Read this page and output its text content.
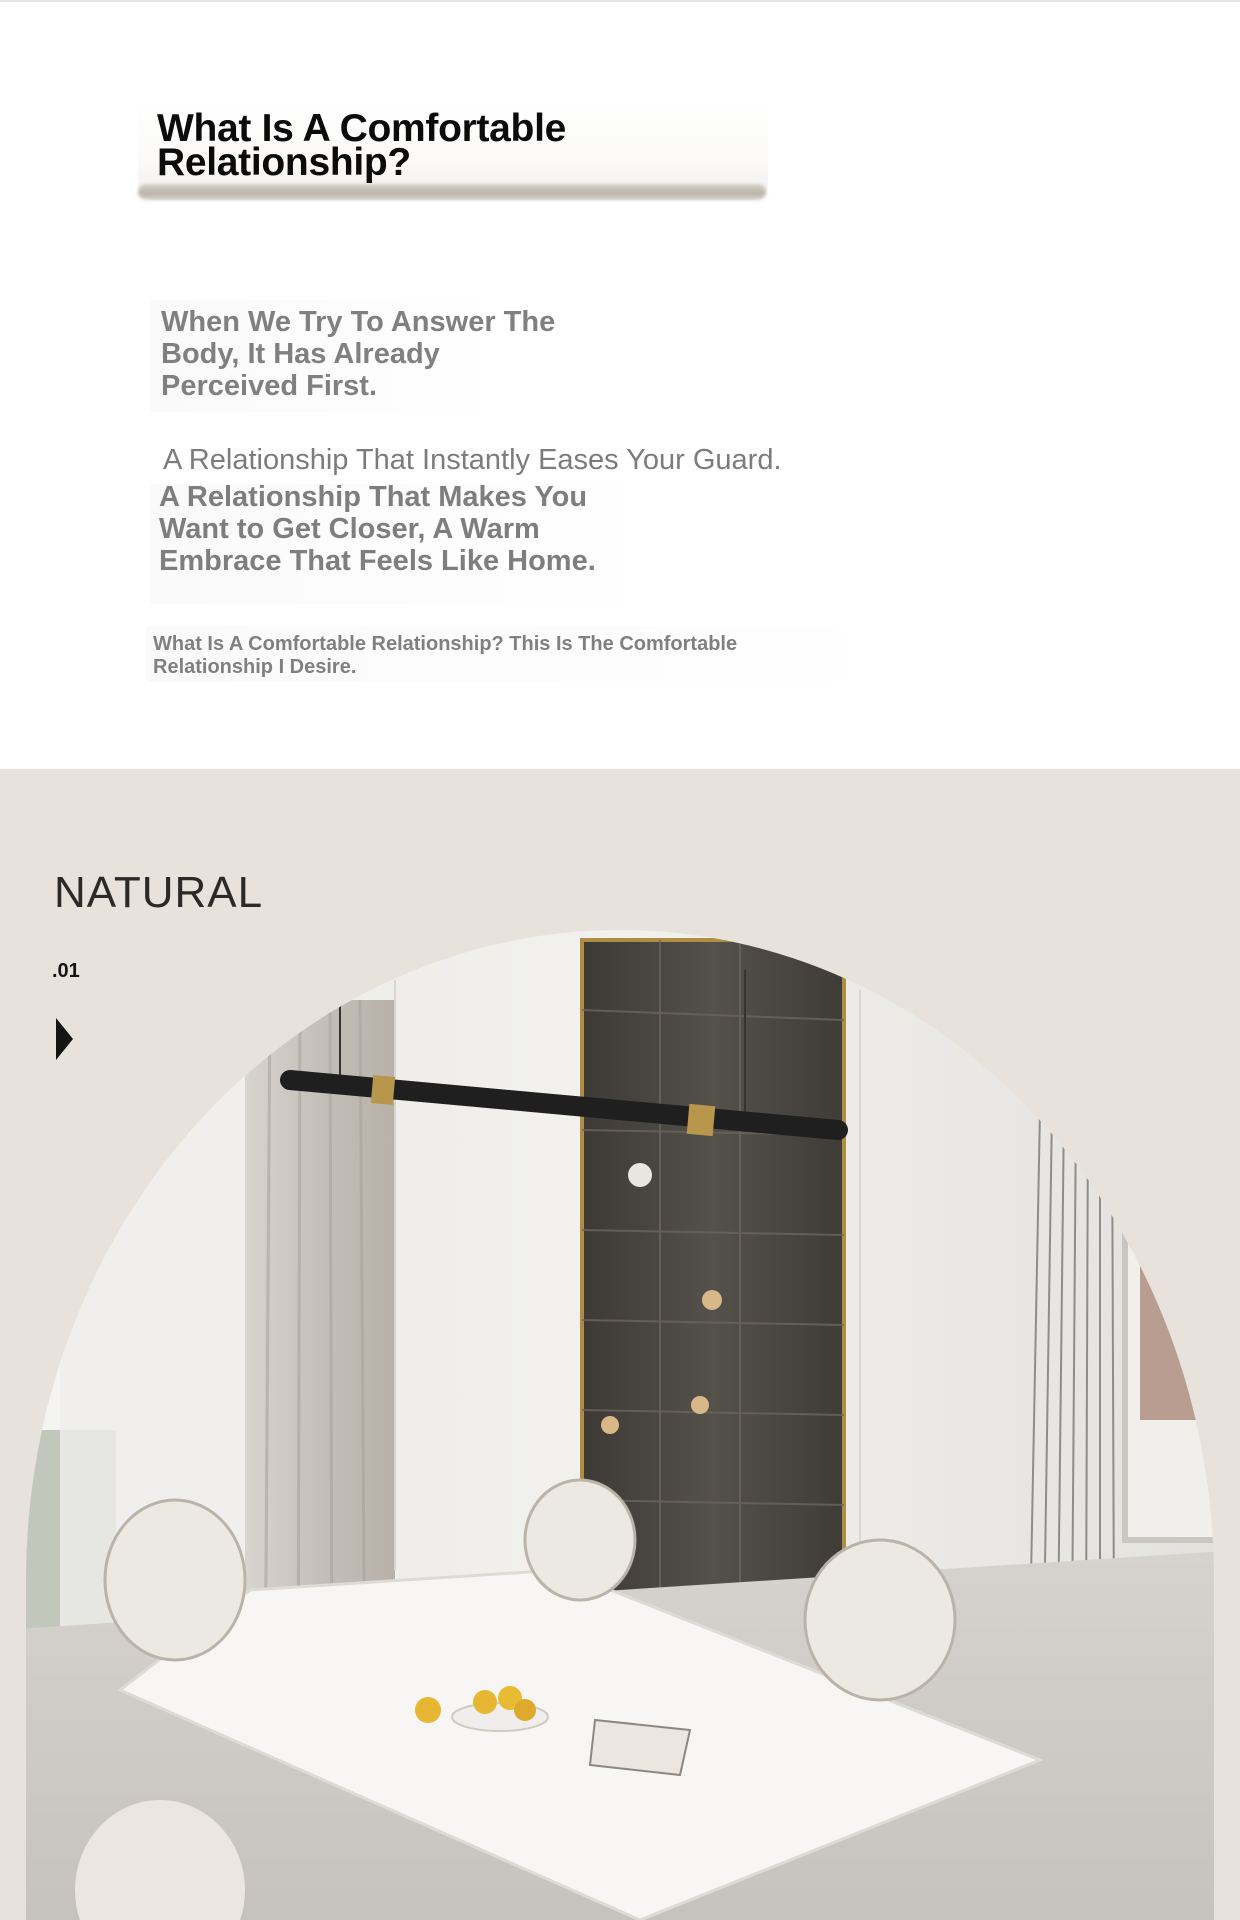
What Is A Comfortable Relationship?

When We Try To Answer The Body, It Has Already Perceived First.

A Relationship That Instantly Eases Your Guard.

A Relationship That Makes You Want to Get Closer, A Warm Embrace That Feels Like Home.

What Is A Comfortable Relationship? This Is The Comfortable Relationship I Desire.

NATURAL
.01
